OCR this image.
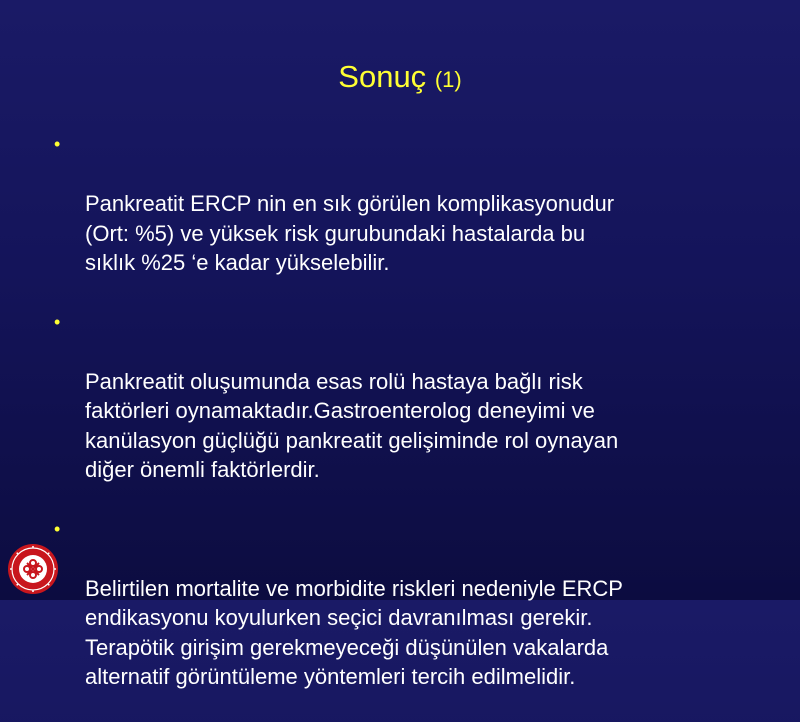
Sonuç (1)

•

Pankreatit ERCP nin en sık görülen komplikasyonudur
(Ort: %5) ve yüksek risk gurubundaki hastalarda bu
sıklık %25 ‘e kadar yükselebilir.

•

Pankreatit oluşumunda esas rolü hastaya bağlı risk
faktörleri oynamaktadır.Gastroenterolog deneyimi ve
kanülasyon güçlüğü pankreatit gelişiminde rol oynayan
diğer önemli faktörlerdir.

•

Belirtilen mortalite ve morbidite riskleri nedeniyle ERCP
endikasyonu koyulurken seçici davranılması gerekir.
Terapötik girişim gerekmeyeceği düşünülen vakalarda
alternatif görüntüleme yöntemleri tercih edilmelidir.
